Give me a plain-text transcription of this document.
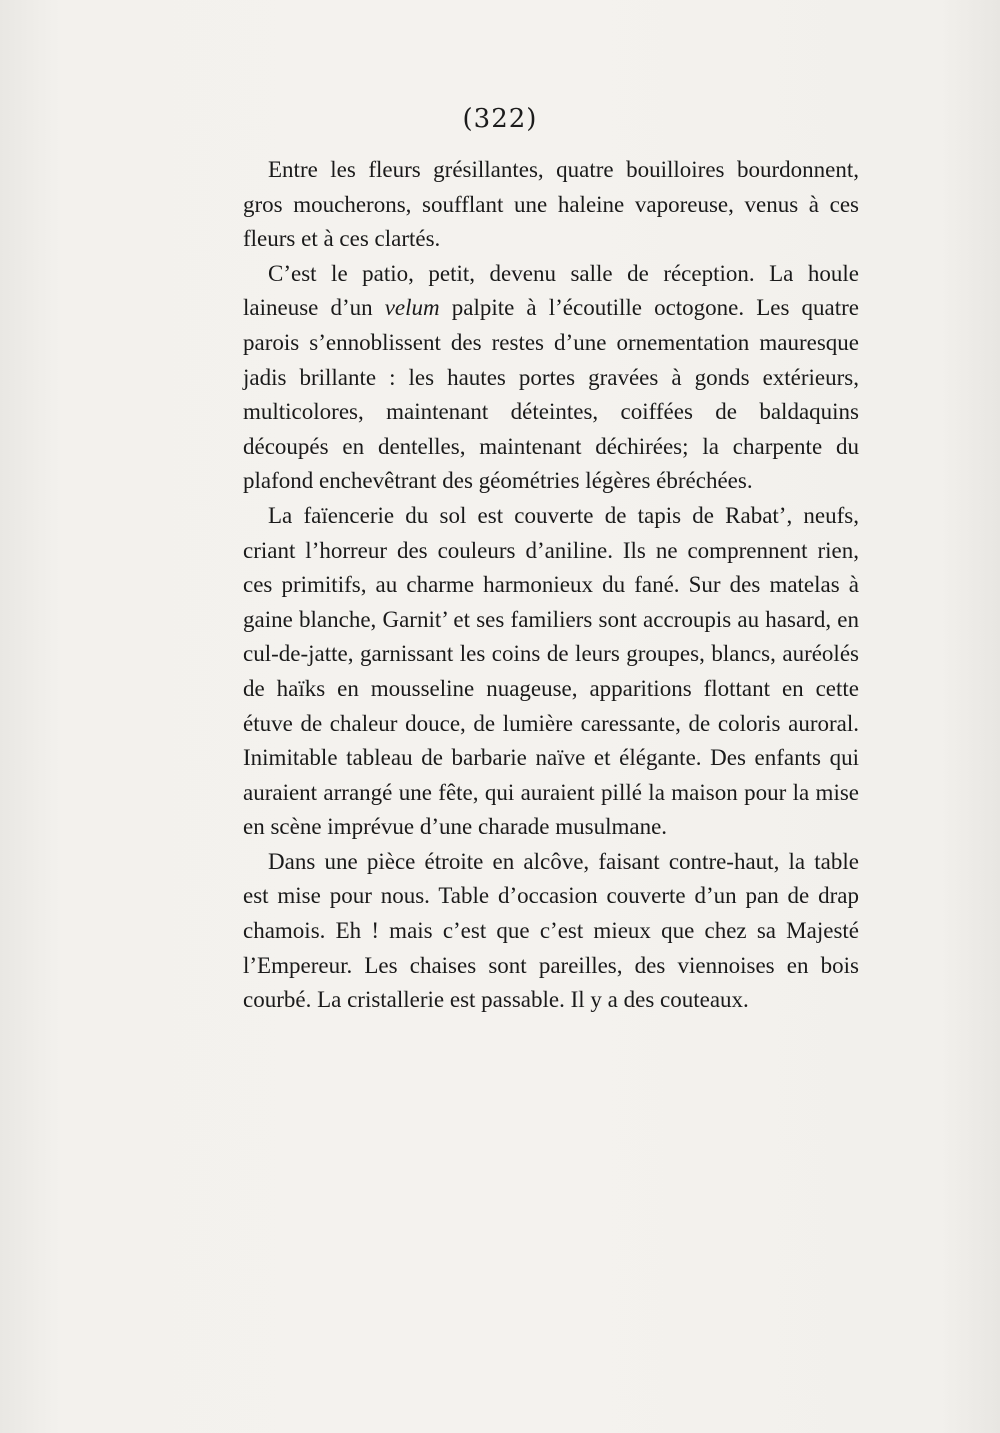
(322)

Entre les fleurs grésillantes, quatre bouilloires bourdonnent, gros moucherons, soufflant une haleine vaporeuse, venus à ces fleurs et à ces clartés.

C’est le patio, petit, devenu salle de réception. La houle laineuse d’un velum palpite à l’écoutille octogone. Les quatre parois s’ennoblissent des restes d’une ornementation mauresque jadis brillante : les hautes portes gravées à gonds extérieurs, multicolores, maintenant déteintes, coiffées de baldaquins découpés en dentelles, maintenant déchirées; la charpente du plafond enchevêtrant des géométries légères ébréchées.

La faïencerie du sol est couverte de tapis de Rabat’, neufs, criant l’horreur des couleurs d’aniline. Ils ne comprennent rien, ces primitifs, au charme harmonieux du fané. Sur des matelas à gaine blanche, Garnit’ et ses familiers sont accroupis au hasard, en cul-de-jatte, garnissant les coins de leurs groupes, blancs, auréolés de haïks en mousseline nuageuse, apparitions flottant en cette étuve de chaleur douce, de lumière caressante, de coloris auroral. Inimitable tableau de barbarie naïve et élégante. Des enfants qui auraient arrangé une fête, qui auraient pillé la maison pour la mise en scène imprévue d’une charade musulmane.

Dans une pièce étroite en alcôve, faisant contre-haut, la table est mise pour nous. Table d’occasion couverte d’un pan de drap chamois. Eh ! mais c’est que c’est mieux que chez sa Majesté l’Empereur. Les chaises sont pareilles, des viennoises en bois courbé. La cristallerie est passable. Il y a des couteaux.
